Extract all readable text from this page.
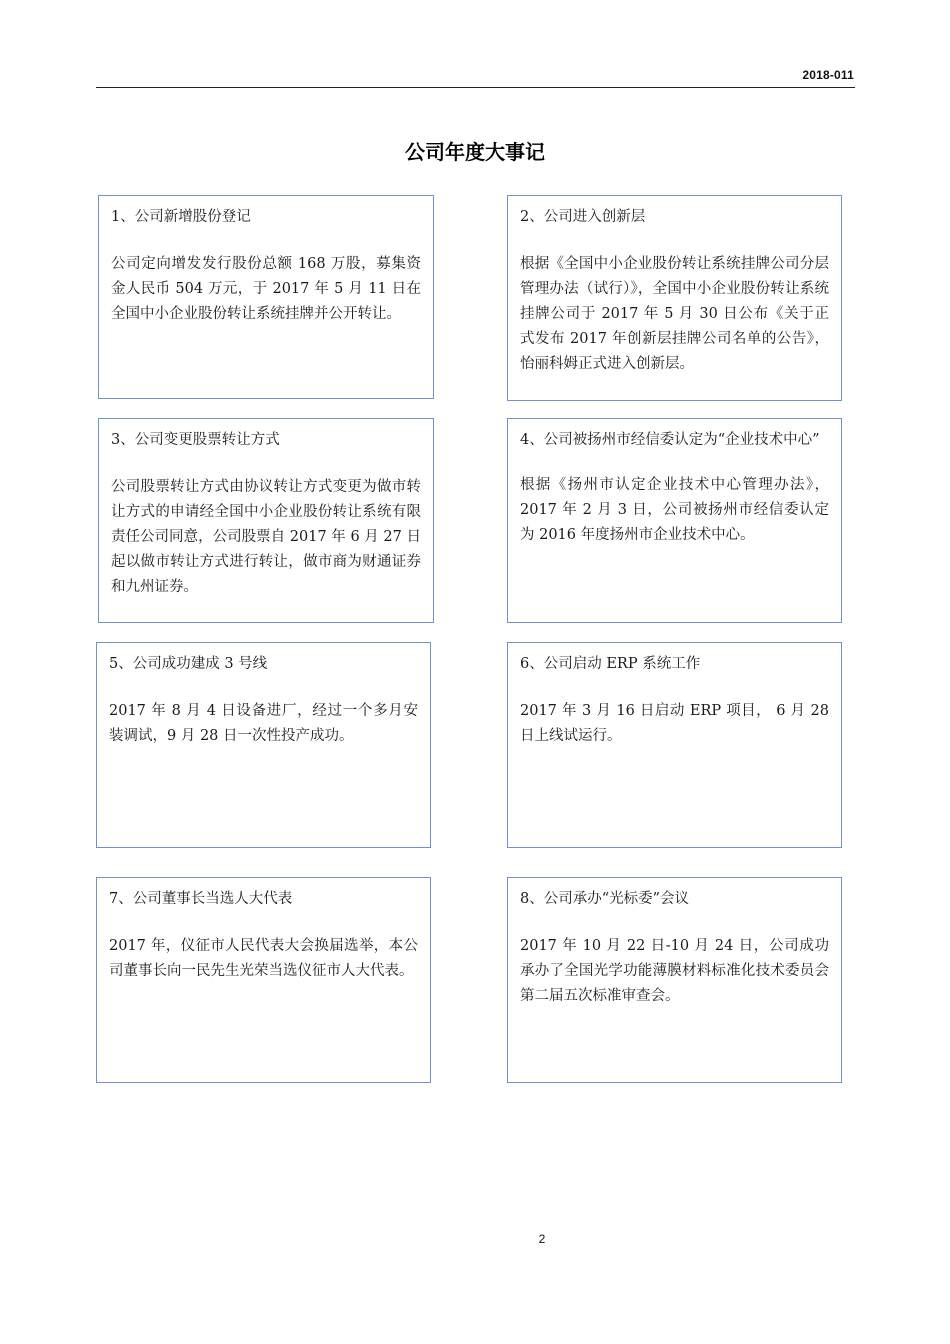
2018-011
公司年度大事记

1、公司新增股份登记

公司定向增发发行股份总额 168 万股，募集资金人民币 504 万元，于 2017 年 5 月 11 日在全国中小企业股份转让系统挂牌并公开转让。

2、公司进入创新层

根据《全国中小企业股份转让系统挂牌公司分层管理办法（试行）》，全国中小企业股份转让系统挂牌公司于 2017 年 5 月 30 日公布《关于正式发布 2017 年创新层挂牌公司名单的公告》，怡丽科姆正式进入创新层。

3、公司变更股票转让方式

公司股票转让方式由协议转让方式变更为做市转让方式的申请经全国中小企业股份转让系统有限责任公司同意，公司股票自 2017 年 6 月 27 日起以做市转让方式进行转让，做市商为财通证券和九州证券。

4、公司被扬州市经信委认定为“企业技术中心”

根据《扬州市认定企业技术中心管理办法》，2017 年 2 月 3 日，公司被扬州市经信委认定为 2016 年度扬州市企业技术中心。

5、公司成功建成 3 号线

2017 年 8 月 4 日设备进厂，经过一个多月安装调试，9 月 28 日一次性投产成功。

6、公司启动 ERP 系统工作

2017 年 3 月 16 日启动 ERP 项目， 6 月 28 日上线试运行。

7、公司董事长当选人大代表

2017 年，仪征市人民代表大会换届选举，本公司董事长向一民先生光荣当选仪征市人大代表。

8、公司承办“光标委”会议

2017 年 10 月 22 日-10 月 24 日，公司成功承办了全国光学功能薄膜材料标准化技术委员会第二届五次标准审查会。

2
